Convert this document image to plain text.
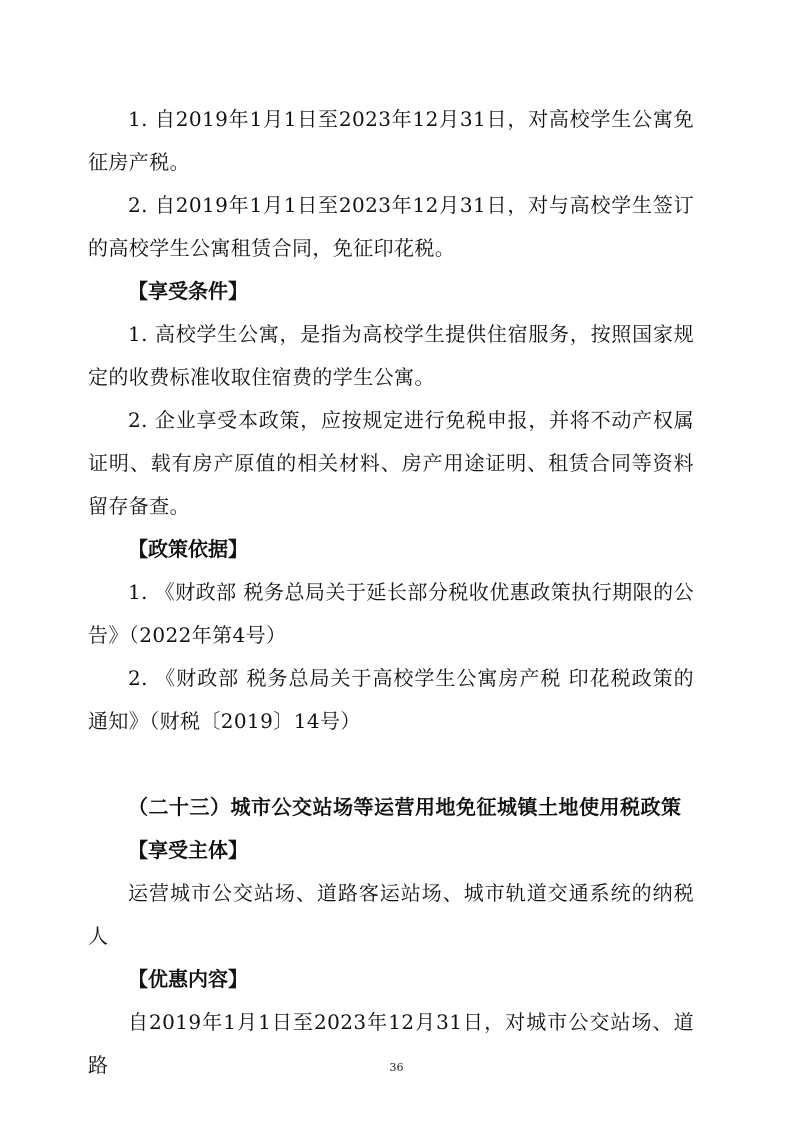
1. 自2019年1月1日至2023年12月31日，对高校学生公寓免征房产税。

2. 自2019年1月1日至2023年12月31日，对与高校学生签订的高校学生公寓租赁合同，免征印花税。

【享受条件】

1. 高校学生公寓，是指为高校学生提供住宿服务，按照国家规定的收费标准收取住宿费的学生公寓。

2. 企业享受本政策，应按规定进行免税申报，并将不动产权属证明、载有房产原值的相关材料、房产用途证明、租赁合同等资料留存备查。

【政策依据】

1. 《财政部 税务总局关于延长部分税收优惠政策执行期限的公告》（2022年第4号）

2. 《财政部 税务总局关于高校学生公寓房产税 印花税政策的通知》（财税〔2019〕14号）

（二十三）城市公交站场等运营用地免征城镇土地使用税政策

【享受主体】

运营城市公交站场、道路客运站场、城市轨道交通系统的纳税人

【优惠内容】

自2019年1月1日至2023年12月31日，对城市公交站场、道路	36
